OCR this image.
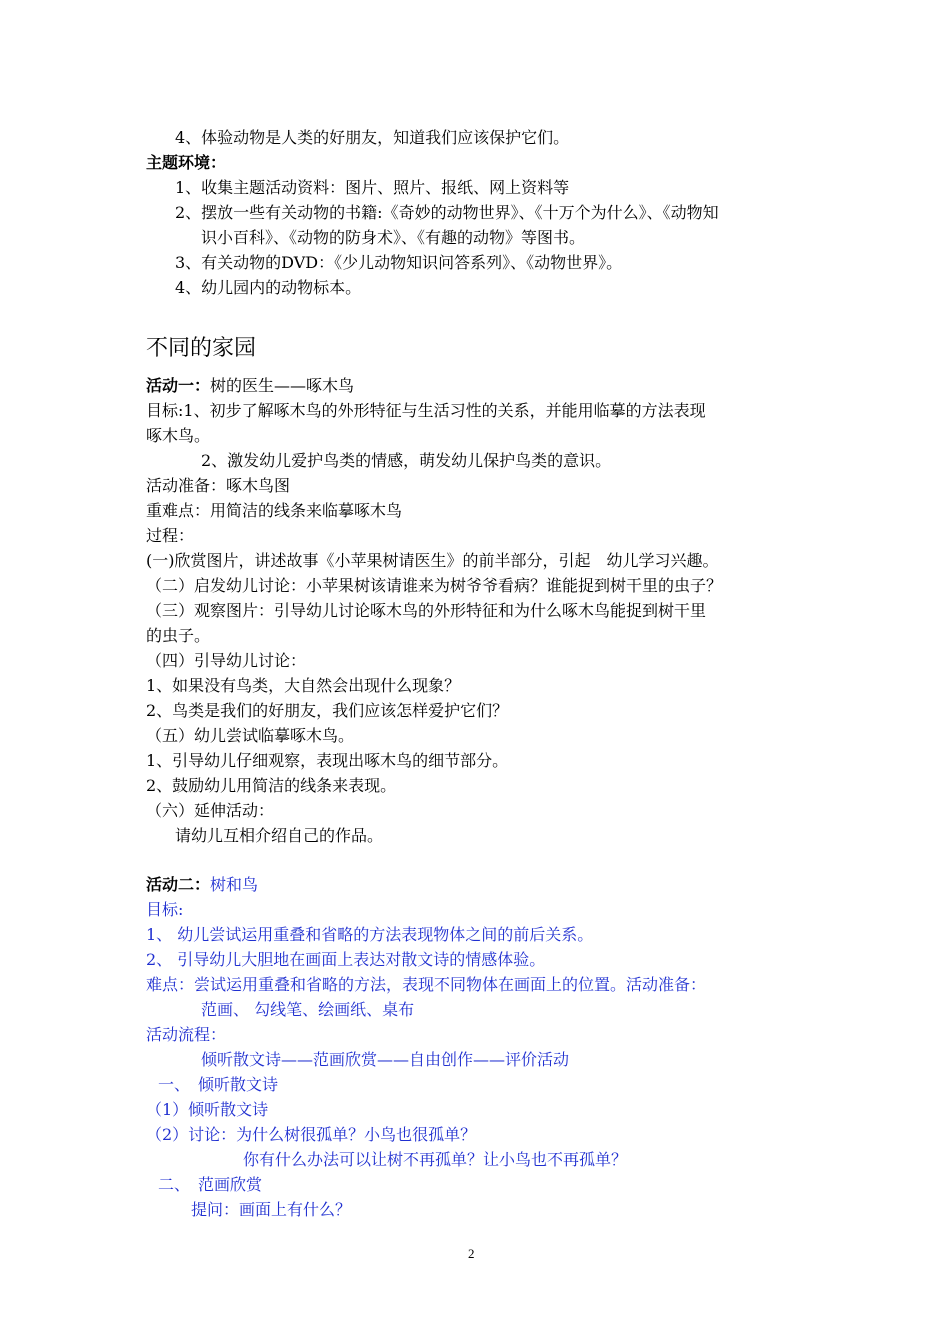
4、体验动物是人类的好朋友，知道我们应该保护它们。
主题环境：
1、收集主题活动资料：图片、照片、报纸、网上资料等
2、摆放一些有关动物的书籍:《奇妙的动物世界》、《十万个为什么》、《动物知
识小百科》、《动物的防身术》、《有趣的动物》等图书。
3、有关动物的DVD：《少儿动物知识问答系列》、《动物世界》。
4、幼儿园内的动物标本。
不同的家园
活动一：树的医生——啄木鸟
目标:1、初步了解啄木鸟的外形特征与生活习性的关系，并能用临摹的方法表现
啄木鸟。
2、激发幼儿爱护鸟类的情感，萌发幼儿保护鸟类的意识。
活动准备：啄木鸟图
重难点：用简洁的线条来临摹啄木鸟
过程：
(一)欣赏图片，讲述故事《小苹果树请医生》的前半部分，引起　幼儿学习兴趣。
（二）启发幼儿讨论：小苹果树该请谁来为树爷爷看病？谁能捉到树干里的虫子？
（三）观察图片：引导幼儿讨论啄木鸟的外形特征和为什么啄木鸟能捉到树干里
的虫子。
（四）引导幼儿讨论：
1、如果没有鸟类，大自然会出现什么现象？
2、鸟类是我们的好朋友，我们应该怎样爱护它们？
（五）幼儿尝试临摹啄木鸟。
1、引导幼儿仔细观察，表现出啄木鸟的细节部分。
2、鼓励幼儿用简洁的线条来表现。
（六）延伸活动：
请幼儿互相介绍自己的作品。
活动二：树和鸟
目标:
1、 幼儿尝试运用重叠和省略的方法表现物体之间的前后关系。
2、 引导幼儿大胆地在画面上表达对散文诗的情感体验。
难点：尝试运用重叠和省略的方法，表现不同物体在画面上的位置。活动准备：
范画、 勾线笔、绘画纸、桌布
活动流程：
倾听散文诗——范画欣赏——自由创作——评价活动
一、　倾听散文诗
（1）倾听散文诗
（2）讨论：为什么树很孤单？小鸟也很孤单？
你有什么办法可以让树不再孤单？让小鸟也不再孤单？
二、　范画欣赏
提问：画面上有什么？
2
